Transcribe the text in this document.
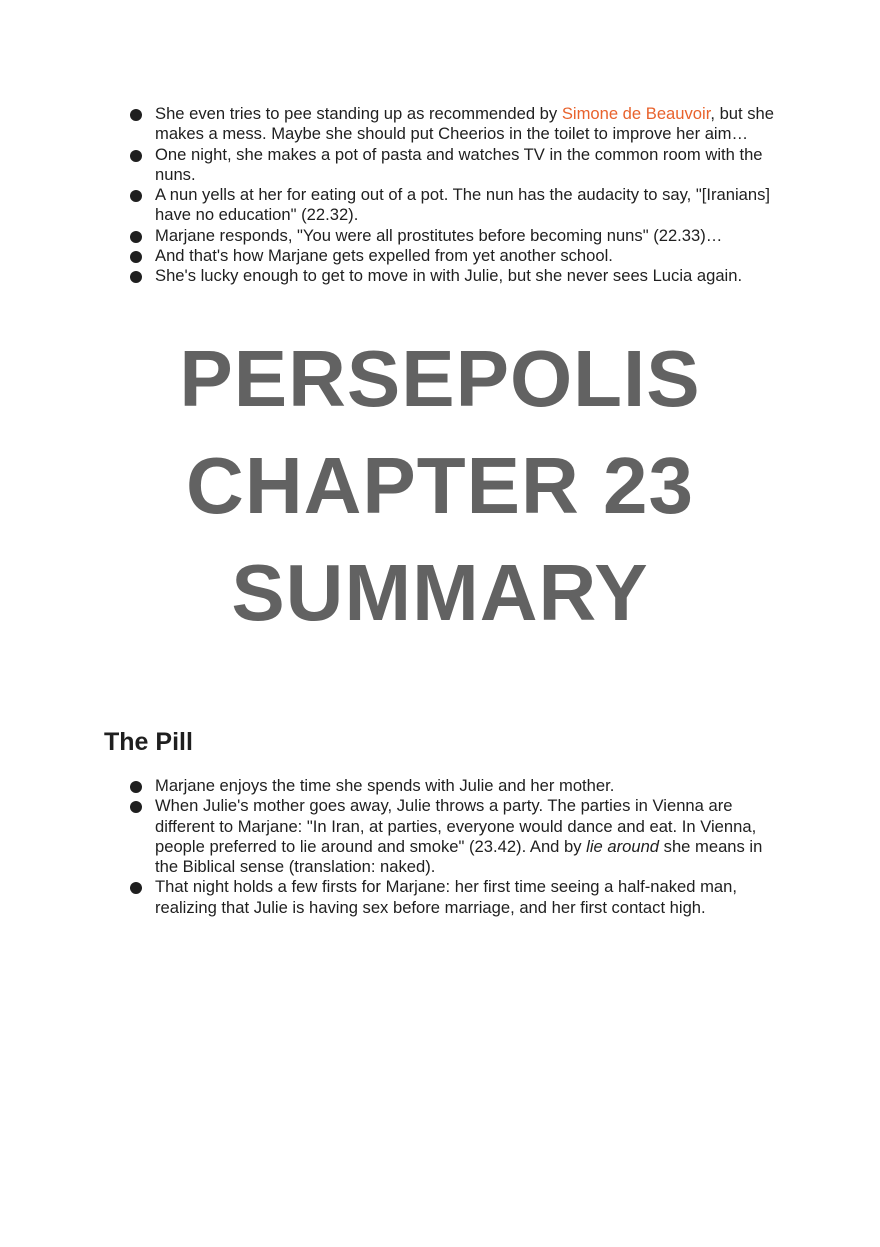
She even tries to pee standing up as recommended by Simone de Beauvoir, but she makes a mess. Maybe she should put Cheerios in the toilet to improve her aim…
One night, she makes a pot of pasta and watches TV in the common room with the nuns.
A nun yells at her for eating out of a pot. The nun has the audacity to say, "[Iranians] have no education" (22.32).
Marjane responds, "You were all prostitutes before becoming nuns" (22.33)…
And that's how Marjane gets expelled from yet another school.
She's lucky enough to get to move in with Julie, but she never sees Lucia again.
PERSEPOLIS
CHAPTER 23
SUMMARY
The Pill
Marjane enjoys the time she spends with Julie and her mother.
When Julie's mother goes away, Julie throws a party. The parties in Vienna are different to Marjane: "In Iran, at parties, everyone would dance and eat. In Vienna, people preferred to lie around and smoke" (23.42). And by lie around she means in the Biblical sense (translation: naked).
That night holds a few firsts for Marjane: her first time seeing a half-naked man, realizing that Julie is having sex before marriage, and her first contact high.
